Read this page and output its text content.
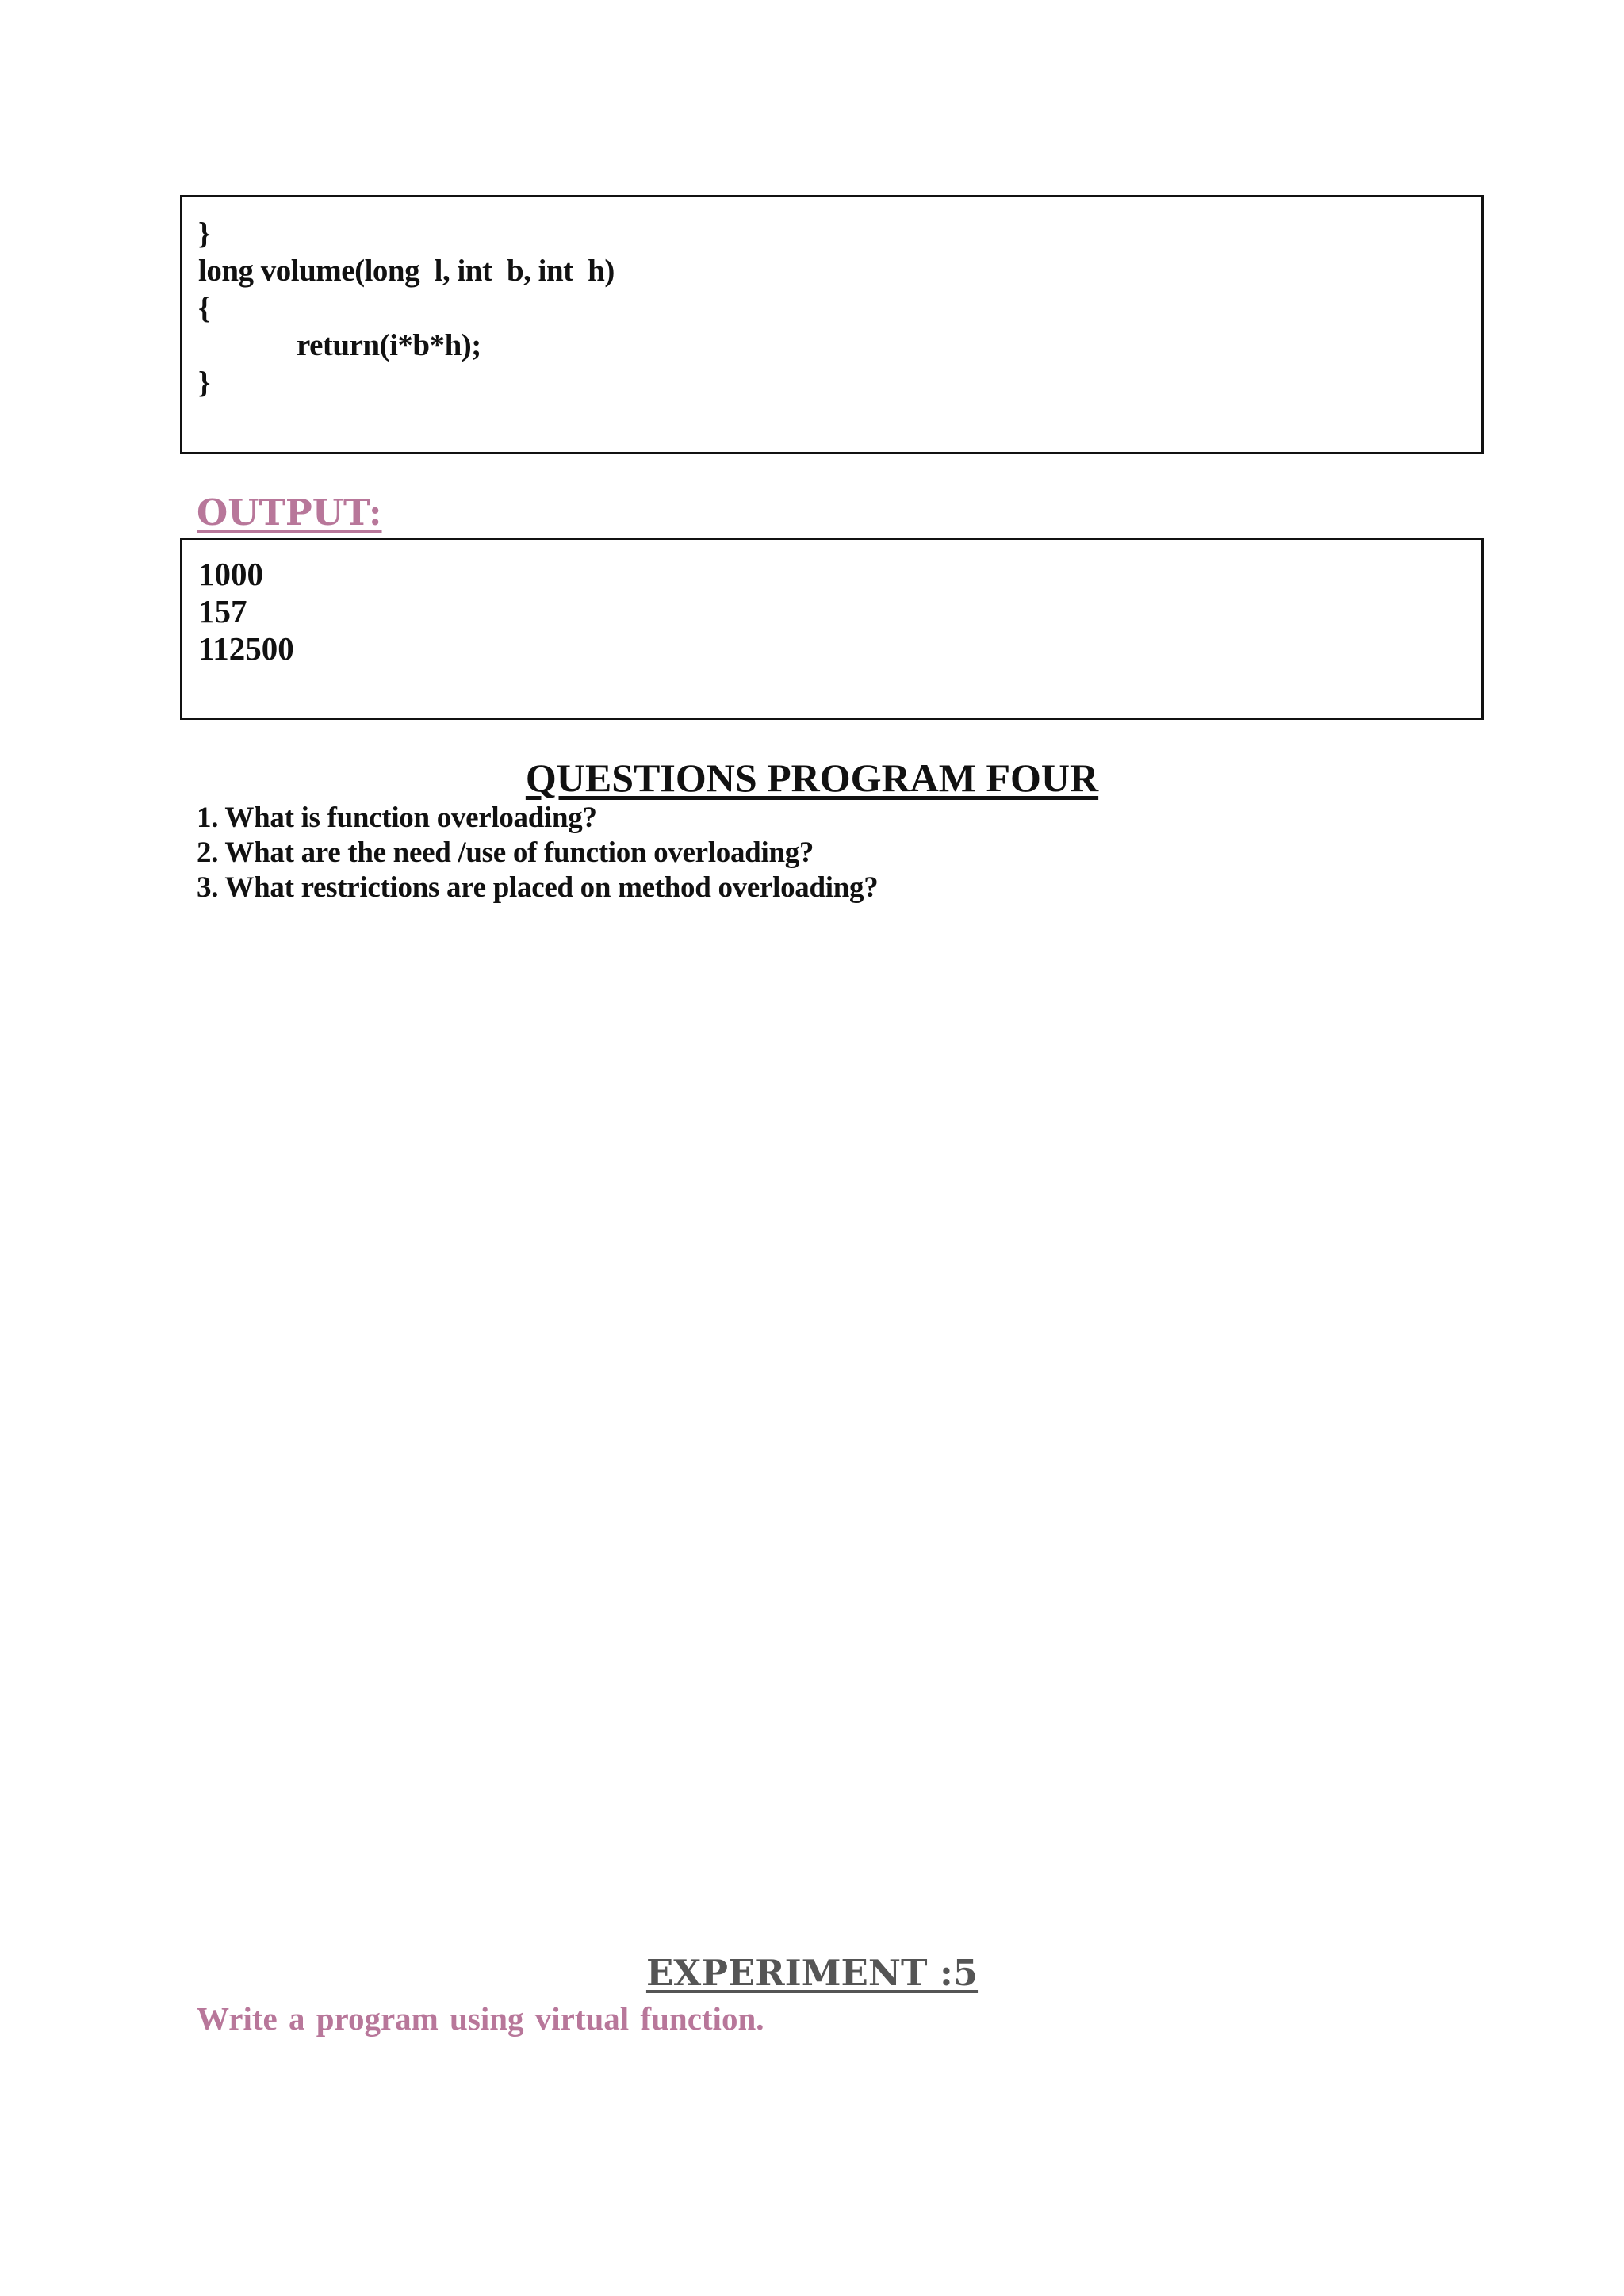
}
long volume(long  l, int  b, int  h)
{
return(i*b*h);
}
OUTPUT:
1000
157
112500
QUESTIONS PROGRAM FOUR
1. What is function overloading?
2. What are the need /use of function overloading?
3. What restrictions are placed on method overloading?
EXPERIMENT :5

Write a program using virtual function.
